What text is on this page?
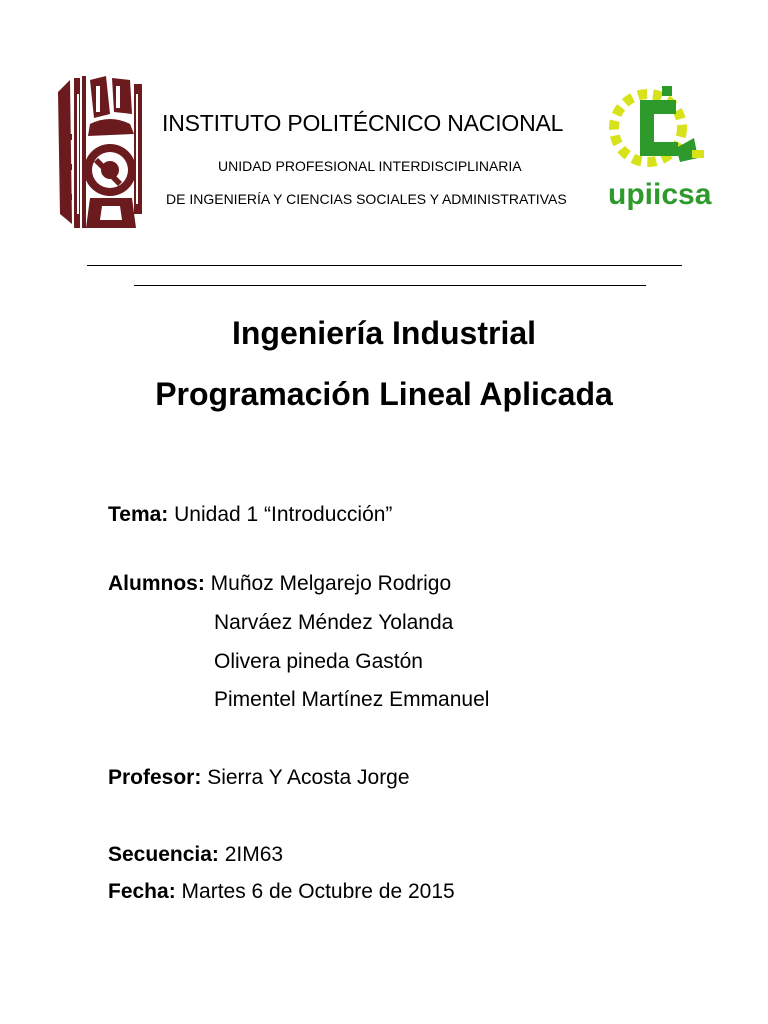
upiicsa
INSTITUTO POLITÉCNICO NACIONAL
UNIDAD PROFESIONAL INTERDISCIPLINARIA
DE INGENIERÍA Y CIENCIAS SOCIALES Y ADMINISTRATIVAS
Ingeniería Industrial
Programación Lineal Aplicada
Tema: Unidad 1 “Introducción”
Alumnos: Muñoz Melgarejo Rodrigo
Narváez Méndez Yolanda
Olivera pineda Gastón
Pimentel Martínez Emmanuel
Profesor: Sierra Y Acosta Jorge
Secuencia: 2IM63
Fecha: Martes 6 de Octubre de 2015
